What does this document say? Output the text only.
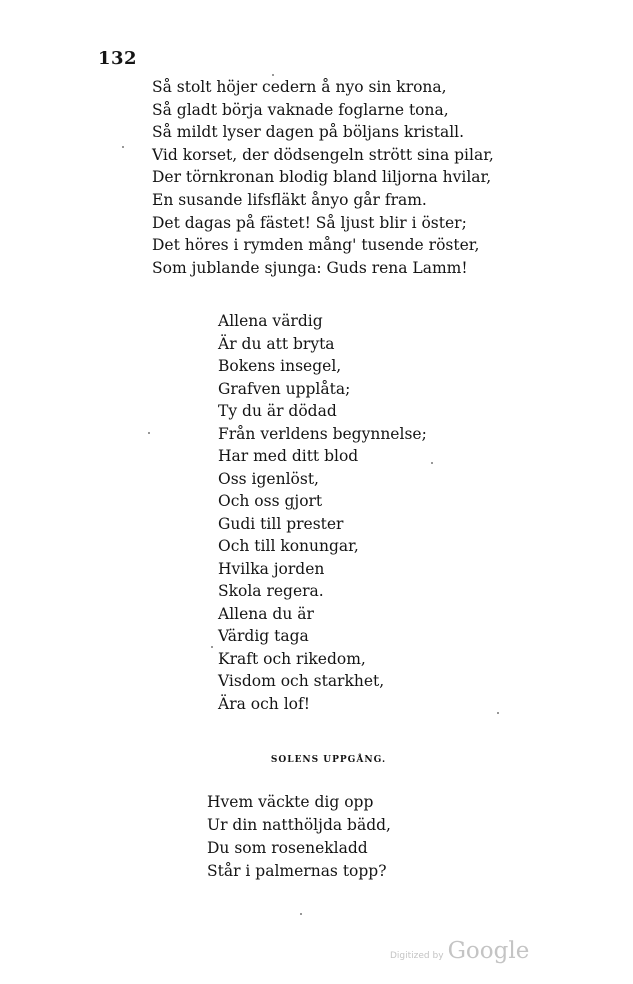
132
Så stolt höjer cedern å nyo sin krona,
Så gladt börja vaknade foglarne tona,
Så mildt lyser dagen på böljans kristall.
Vid korset, der dödsengeln strött sina pilar,
Der törnkronan blodig bland liljorna hvilar,
En susande lifsfläkt ånyo går fram.
Det dagas på fästet! Så ljust blir i öster;
Det höres i rymden mång' tusende röster,
Som jublande sjunga: Guds rena Lamm!
Allena värdig
Är du att bryta
Bokens insegel,
Grafven upplåta;
Ty du är dödad
Från verldens begynnelse;
Har med ditt blod
Oss igenlöst,
Och oss gjort
Gudi till prester
Och till konungar,
Hvilka jorden
Skola regera.
Allena du är
Värdig taga
Kraft och rikedom,
Visdom och starkhet,
Ära och lof!
SOLENS UPPGÅNG.
Hvem väckte dig opp
Ur din natthöljda bädd,
Du som rosenekladd
Står i palmernas topp?
Digitized by Google
